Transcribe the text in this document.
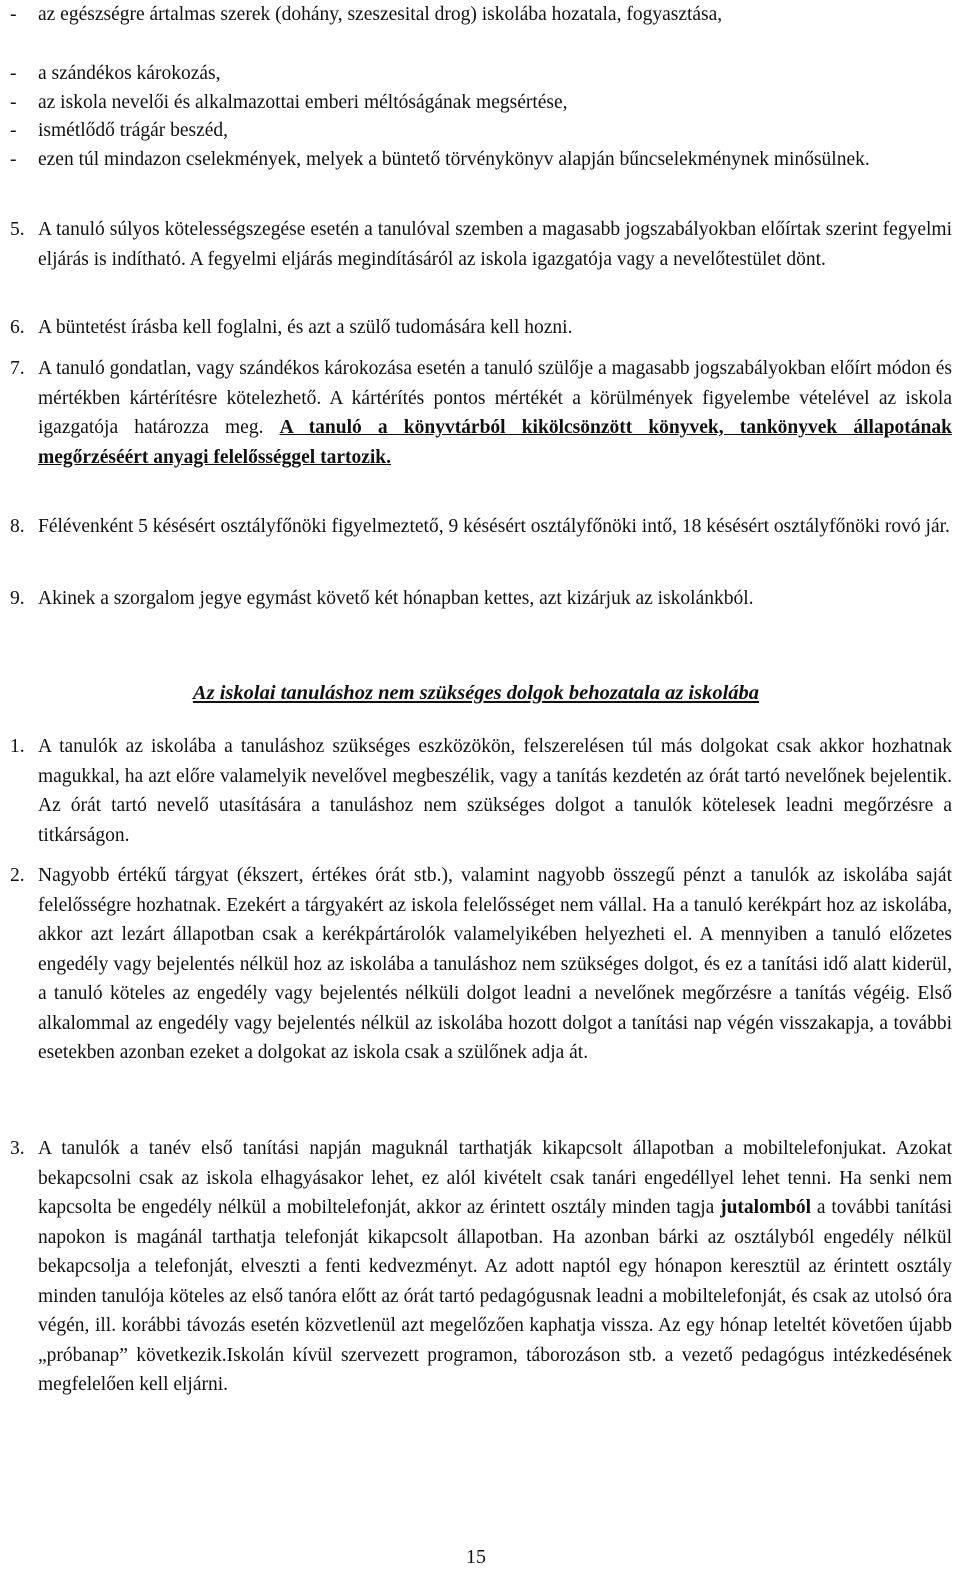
- az egészségre ártalmas szerek (dohány, szeszesital drog) iskolába hozatala, fogyasztása,
- a szándékos károkozás,
- az iskola nevelői és alkalmazottai emberi méltóságának megsértése,
- ismétlődő trágár beszéd,
- ezen túl mindazon cselekmények, melyek a büntető törvénykönyv alapján bűncselekménynek minősülnek.
5. A tanuló súlyos kötelességszegése esetén a tanulóval szemben a magasabb jogszabályokban előírtak szerint fegyelmi eljárás is indítható. A fegyelmi eljárás megindításáról az iskola igazgatója vagy a nevelőtestület dönt.
6. A büntetést írásba kell foglalni, és azt a szülő tudomására kell hozni.
7. A tanuló gondatlan, vagy szándékos károkozása esetén a tanuló szülője a magasabb jogszabályokban előírt módon és mértékben kártérítésre kötelezhető. A kártérítés pontos mértékét a körülmények figyelembe vételével az iskola igazgatója határozza meg. A tanuló a könyvtárból kikölcsönzött könyvek, tankönyvek állapotának megőrzéséért anyagi felelősséggel tartozik.
8. Félévenként 5 késésért osztályfőnöki figyelmeztető, 9 késésért osztályfőnöki intő, 18 késésért osztályfőnöki rovó jár.
9. Akinek a szorgalom jegye egymást követő két hónapban kettes, azt kizárjuk az iskolánkból.
Az iskolai tanuláshoz nem szükséges dolgok behozatala az iskolába
1. A tanulók az iskolába a tanuláshoz szükséges eszközökön, felszerelésen túl más dolgokat csak akkor hozhatnak magukkal, ha azt előre valamelyik nevelővel megbeszélik, vagy a tanítás kezdetén az órát tartó nevelőnek bejelentik. Az órát tartó nevelő utasítására a tanuláshoz nem szükséges dolgot a tanulók kötelesek leadni megőrzésre a titkárságon.
2. Nagyobb értékű tárgyat (ékszert, értékes órát stb.), valamint nagyobb összegű pénzt a tanulók az iskolába saját felelősségre hozhatnak. Ezekért a tárgyakért az iskola felelősséget nem vállal. Ha a tanuló kerékpárt hoz az iskolába, akkor azt lezárt állapotban csak a kerékpártárolók valamelyikében helyezheti el. A mennyiben a tanuló előzetes engedély vagy bejelentés nélkül hoz az iskolába a tanuláshoz nem szükséges dolgot, és ez a tanítási idő alatt kiderül, a tanuló köteles az engedély vagy bejelentés nélküli dolgot leadni a nevelőnek megőrzésre a tanítás végéig. Első alkalommal az engedély vagy bejelentés nélkül az iskolába hozott dolgot a tanítási nap végén visszakapja, a további esetekben azonban ezeket a dolgokat az iskola csak a szülőnek adja át.
3. A tanulók a tanév első tanítási napján maguknál tarthatják kikapcsolt állapotban a mobiltelefonjukat. Azokat bekapcsolni csak az iskola elhagyásakor lehet, ez alól kivételt csak tanári engedéllyel lehet tenni. Ha senki nem kapcsolta be engedély nélkül a mobiltelefonját, akkor az érintett osztály minden tagja jutalomból a további tanítási napokon is magánál tarthatja telefonját kikapcsolt állapotban. Ha azonban bárki az osztályból engedély nélkül bekapcsolja a telefonját, elveszti a fenti kedvezményt. Az adott naptól egy hónapon keresztül az érintett osztály minden tanulója köteles az első tanóra előtt az órát tartó pedagógusnak leadni a mobiltelefonját, és csak az utolsó óra végén, ill. korábbi távozás esetén közvetlenül azt megelőzően kaphatja vissza. Az egy hónap leteltét követően újabb „próbanap” következik.Iskolán kívül szervezett programon, táborozáson stb. a vezető pedagógus intézkedésének megfelelően kell eljárni.
15
